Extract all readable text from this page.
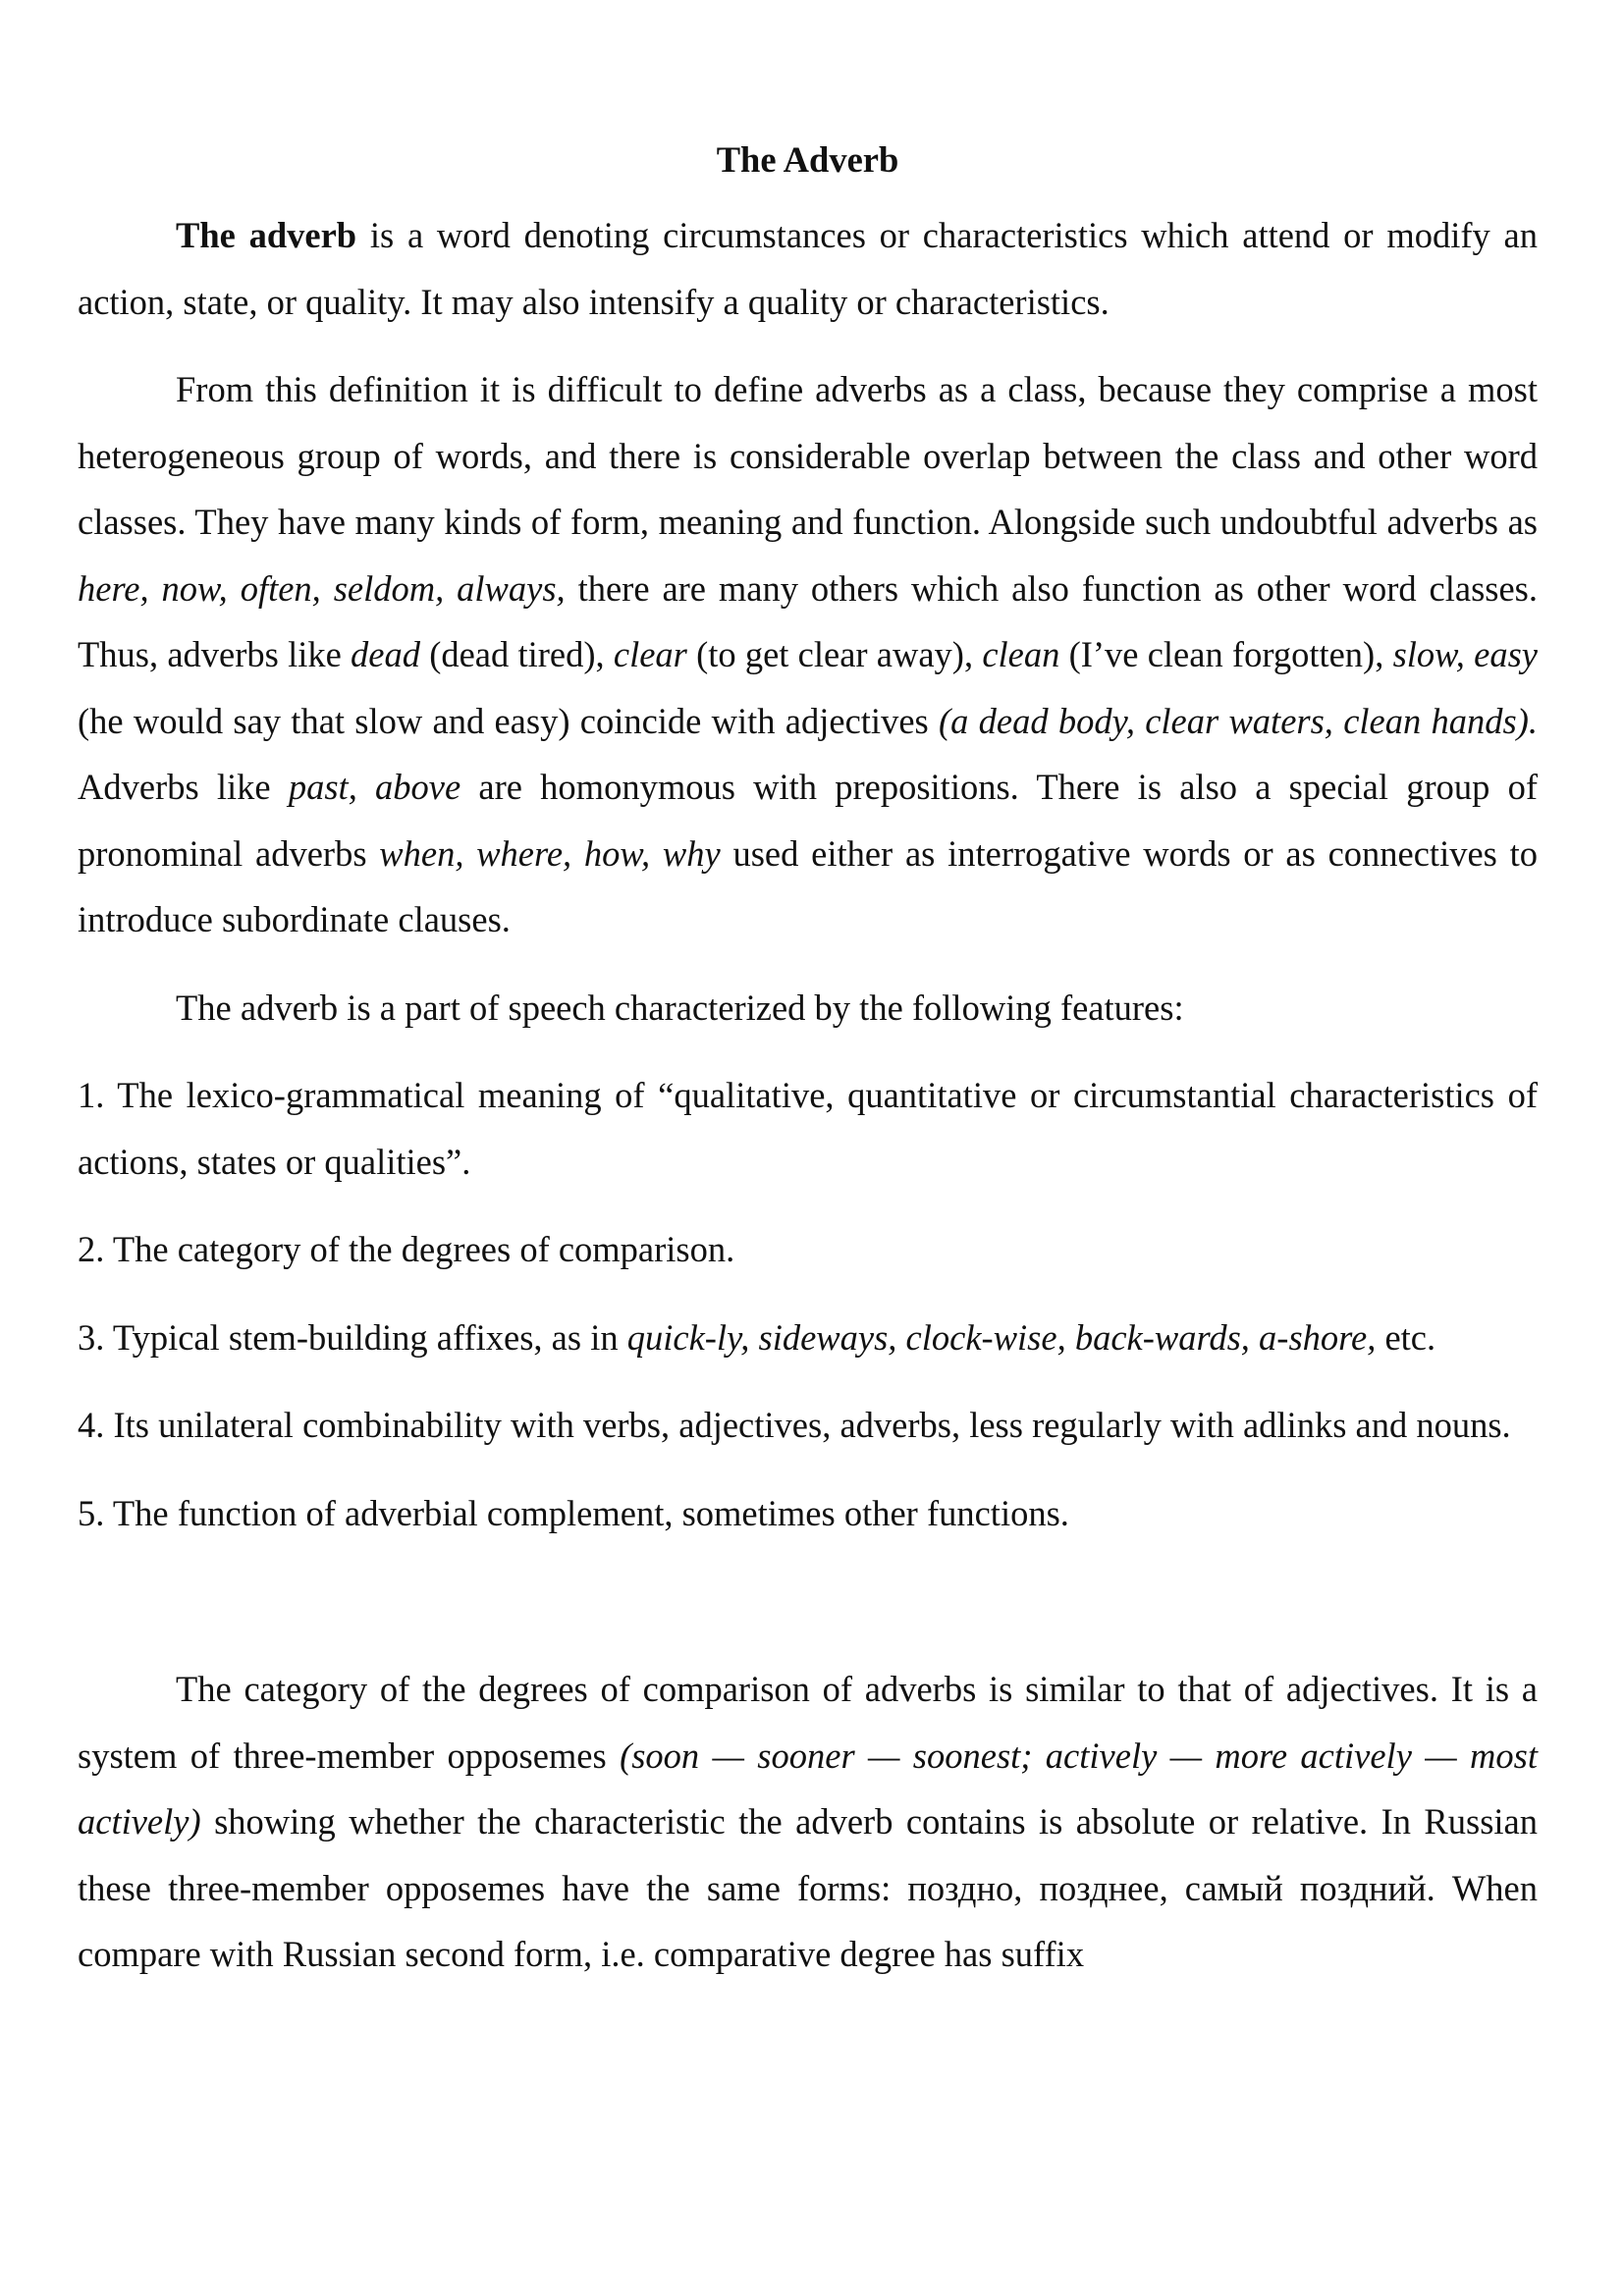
The Adverb

The adverb is a word denoting circumstances or characteristics which attend or modify an action, state, or quality. It may also intensify a quality or characteristics.

From this definition it is difficult to define adverbs as a class, because they comprise a most heterogeneous group of words, and there is considerable overlap between the class and other word classes. They have many kinds of form, meaning and function. Alongside such undoubtful adverbs as here, now, often, seldom, always, there are many others which also function as other word classes. Thus, adverbs like dead (dead tired), clear (to get clear away), clean (I’ve clean forgotten), slow, easy (he would say that slow and easy) coincide with adjectives (a dead body, clear waters, clean hands). Adverbs like past, above are homonymous with prepositions. There is also a special group of pronominal adverbs when, where, how, why used either as interrogative words or as connectives to introduce subordinate clauses.

The adverb is a part of speech characterized by the following features:

1. The lexico-grammatical meaning of “qualitative, quantitative or circumstantial characteristics of actions, states or qualities”.

2. The category of the degrees of comparison.

3. Typical stem-building affixes, as in quick-ly, sideways, clock-wise, back-wards, a-shore, etc.

4. Its unilateral combinability with verbs, adjectives, adverbs, less regularly with adlinks and nouns.

5. The function of adverbial complement, sometimes other functions.

The category of the degrees of comparison of adverbs is similar to that of adjectives. It is a system of three-member opposemes (soon — sooner — soonest; actively — more actively — most actively) showing whether the characteristic the adverb contains is absolute or relative. In Russian these three-member opposemes have the same forms: поздно, позднее, самый поздний. When compare with Russian second form, i.e. comparative degree has suffix
